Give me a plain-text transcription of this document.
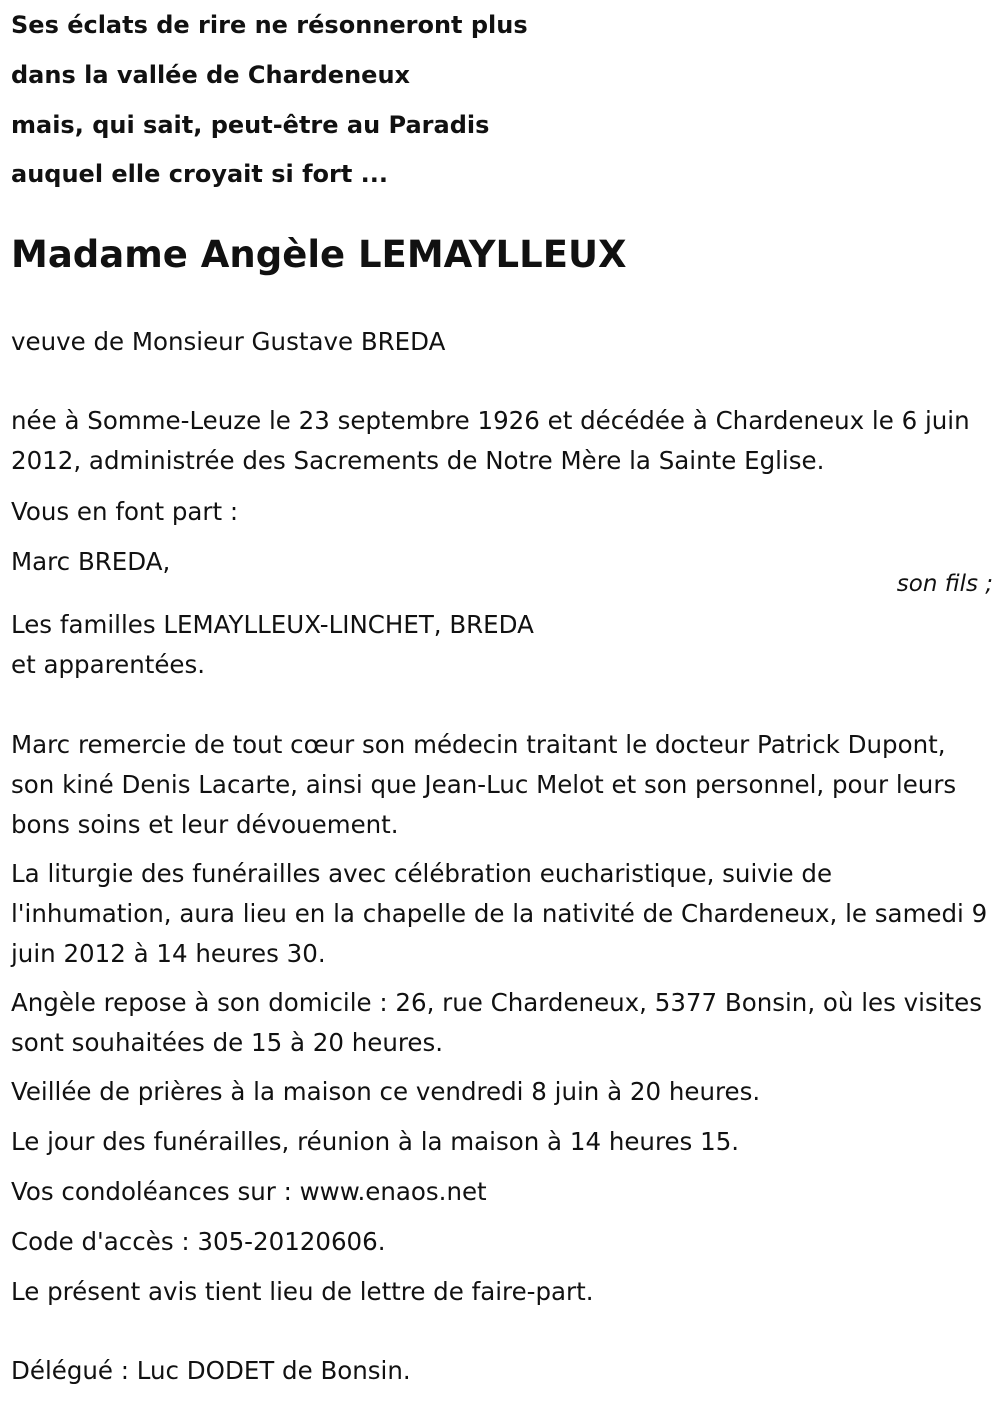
Ses éclats de rire ne résonneront plus
dans la vallée de Chardeneux
mais, qui sait, peut-être au Paradis
auquel elle croyait si fort ...
Madame Angèle LEMAYLLEUX
veuve de Monsieur Gustave BREDA
née à Somme-Leuze le 23 septembre 1926 et décédée à Chardeneux le 6 juin 2012, administrée des Sacrements de Notre Mère la Sainte Eglise.
Vous en font part :
Marc BREDA,
son fils ;
Les familles LEMAYLLEUX-LINCHET, BREDA
et apparentées.
Marc remercie de tout cœur son médecin traitant le docteur Patrick Dupont, son kiné Denis Lacarte, ainsi que Jean-Luc Melot et son personnel, pour leurs bons soins et leur dévouement.
La liturgie des funérailles avec célébration eucharistique, suivie de l'inhumation, aura lieu en la chapelle de la nativité de Chardeneux, le samedi 9 juin 2012 à 14 heures 30.
Angèle repose à son domicile : 26, rue Chardeneux, 5377 Bonsin, où les visites sont souhaitées de 15 à 20 heures.
Veillée de prières à la maison ce vendredi 8 juin à 20 heures.
Le jour des funérailles, réunion à la maison à 14 heures 15.
Vos condoléances sur : www.enaos.net
Code d'accès : 305-20120606.
Le présent avis tient lieu de lettre de faire-part.
Délégué : Luc DODET de Bonsin.
